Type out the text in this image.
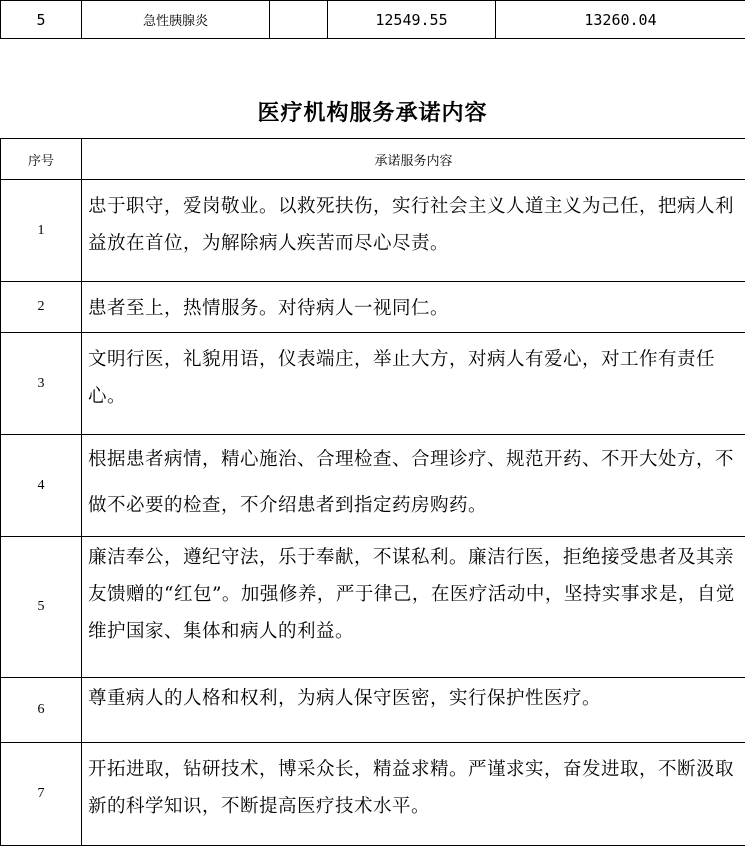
5	急性胰腺炎		12549.55	13260.04
医疗机构服务承诺内容
序号	承诺服务内容
1	忠于职守，爱岗敬业。以救死扶伤，实行社会主义人道主义为己任，把病人利益放在首位，为解除病人疾苦而尽心尽责。
2	患者至上，热情服务。对待病人一视同仁。
3	文明行医，礼貌用语，仪表端庄，举止大方，对病人有爱心，对工作有责任心。
4	根据患者病情，精心施治、合理检查、合理诊疗、规范开药、不开大处方，不做不必要的检查，不介绍患者到指定药房购药。
5	廉洁奉公，遵纪守法，乐于奉献，不谋私利。廉洁行医，拒绝接受患者及其亲友馈赠的“红包”。加强修养，严于律己，在医疗活动中，坚持实事求是，自觉维护国家、集体和病人的利益。
6	尊重病人的人格和权利，为病人保守医密，实行保护性医疗。
7	开拓进取，钻研技术，博采众长，精益求精。严谨求实，奋发进取，不断汲取新的科学知识，不断提高医疗技术水平。
